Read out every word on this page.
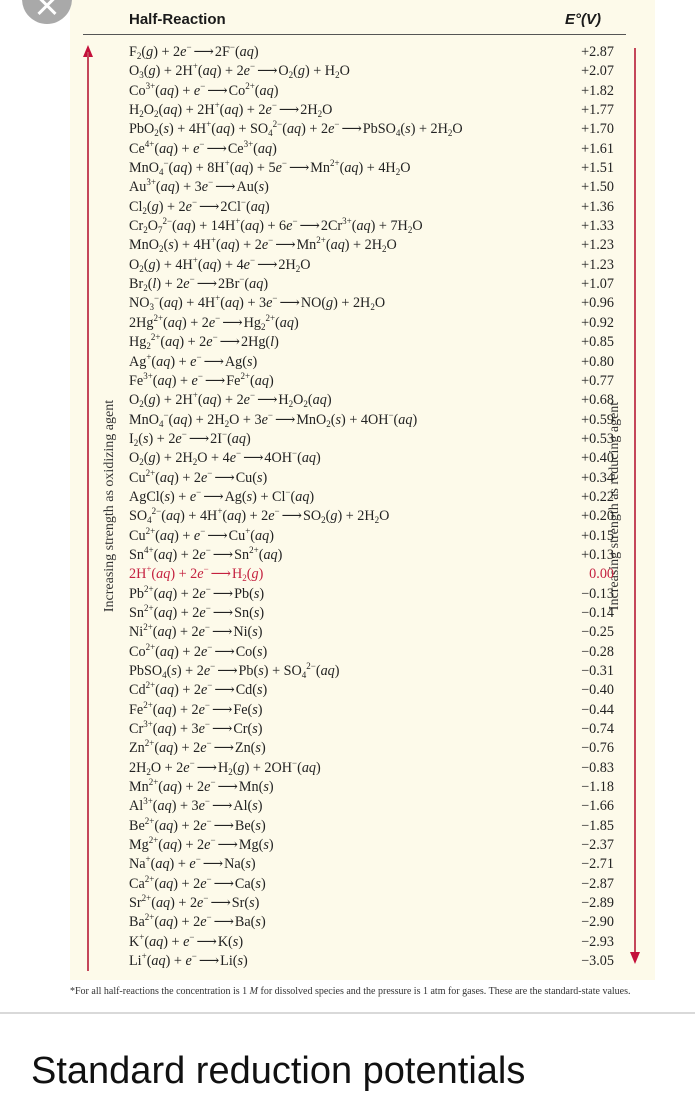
Half-Reaction	E°(V)
Increasing strength as oxidizing agent	Increasing strength as reducing agent
$F_2(g) + 2e^-$ ⟶ 2F−(aq)	+2.87
$O_3(g) + 2H^+(aq) + 2e^-$ ⟶ $O_2(g) + H_2O$	+2.07
$Co^{3+}(aq) + e^-$ ⟶ $Co^{2+}(aq)$	+1.82
$H_2O_2(aq) + 2H^+(aq) + 2e^-$ ⟶ $2H_2O$	+1.77
$PbO_2(s) + 4H^+(aq) + SO_4^{2-}(aq) + 2e^-$ ⟶ PbSO$_4$(s) + $2H_2O$	+1.70
$Ce^{4+}(aq) + e^-$ ⟶ $Ce^{3+}(aq)$	+1.61
MnO$_4$−(aq) + 8H+(aq) + 5e− ⟶ $Mn^{2+}(aq) + 4H_2O$	+1.51
$Au^{3+}(aq) + 3e^-$ ⟶ Au(s)	+1.50
$Cl_2(g) + 2e^-$ ⟶ 2Cl−(aq)	+1.36
$Cr_2O_7^{2-}(aq) + 14H^+(aq) + 6e^-$ ⟶ $2Cr^{3+}(aq) + 7H_2O$	+1.33
MnO$_2$(s) + 4H+(aq) + 2e− ⟶ $Mn^{2+}(aq) + 2H_2O$	+1.23
$O_2(g) + 4H^+(aq) + 4e^-$ ⟶ $2H_2O$	+1.23
$Br_2(l) + 2e^-$ ⟶ 2Br−(aq)	+1.07
$NO_3^-(aq) + 4H^+(aq) + 3e^-$ ⟶ $NO(g) + 2H_2O$	+0.96
$2Hg^{2+}(aq) + 2e^-$ ⟶ $Hg_2^{2+}(aq)$	+0.92
$Hg_2^{2+}(aq) + 2e^-$ ⟶ 2Hg(l)	+0.85
Ag+(aq) + e− ⟶ Ag(s)	+0.80
$Fe^{3+}(aq) + e^-$ ⟶ $Fe^{2+}(aq)$	+0.77
$O_2(g) + 2H^+(aq) + 2e^-$ ⟶ $H_2O_2(aq)$	+0.68
$MnO_4^-(aq) + 2H_2O + 3e^-$ ⟶ MnO$_2$(s) + 4OH−(aq)	+0.59
$I_2(s) + 2e^-$ ⟶ 2I−(aq)	+0.53
$O_2(g) + 2H_2O + 4e^-$ ⟶ 4OH−(aq)	+0.40
$Cu^{2+}(aq) + 2e^-$ ⟶ Cu(s)	+0.34
AgCl(s) + e− ⟶ Ag(s) + Cl−(aq)	+0.22
$SO_4^{2-}(aq) + 4H^+(aq) + 2e^-$ ⟶ $SO_2(g) + 2H_2O$	+0.20
$Cu^{2+}(aq) + e^-$ ⟶ Cu+(aq)	+0.15
$Sn^{4+}(aq) + 2e^-$ ⟶ $Sn^{2+}(aq)$	+0.13
2H+(aq) + 2e− ⟶ $H_2(g)$	0.00
$Pb^{2+}(aq) + 2e^-$ ⟶ Pb(s)	−0.13
$Sn^{2+}(aq) + 2e^-$ ⟶ Sn(s)	−0.14
$Ni^{2+}(aq) + 2e^-$ ⟶ Ni(s)	−0.25
$Co^{2+}(aq) + 2e^-$ ⟶ Co(s)	−0.28
PbSO$_4$(s) + 2e− ⟶ $Pb(s) + SO_4^{2-}(aq)$	−0.31
$Cd^{2+}(aq) + 2e^-$ ⟶ Cd(s)	−0.40
$Fe^{2+}(aq) + 2e^-$ ⟶ Fe(s)	−0.44
$Cr^{3+}(aq) + 3e^-$ ⟶ Cr(s)	−0.74
$Zn^{2+}(aq) + 2e^-$ ⟶ Zn(s)	−0.76
$2H_2O + 2e^-$ ⟶ $H_2(g) + 2OH^-(aq)$	−0.83
$Mn^{2+}(aq) + 2e^-$ ⟶ Mn(s)	−1.18
$Al^{3+}(aq) + 3e^-$ ⟶ Al(s)	−1.66
$Be^{2+}(aq) + 2e^-$ ⟶ Be(s)	−1.85
$Mg^{2+}(aq) + 2e^-$ ⟶ Mg(s)	−2.37
Na+(aq) + e− ⟶ Na(s)	−2.71
$Ca^{2+}(aq) + 2e^-$ ⟶ Ca(s)	−2.87
$Sr^{2+}(aq) + 2e^-$ ⟶ Sr(s)	−2.89
$Ba^{2+}(aq) + 2e^-$ ⟶ Ba(s)	−2.90
K+(aq) + e− ⟶ K(s)	−2.93
Li+(aq) + e− ⟶ Li(s)	−3.05
*For all half-reactions the concentration is 1 M for dissolved species and the pressure is 1 atm for gases. These are the standard-state values.
Standard reduction potentials
